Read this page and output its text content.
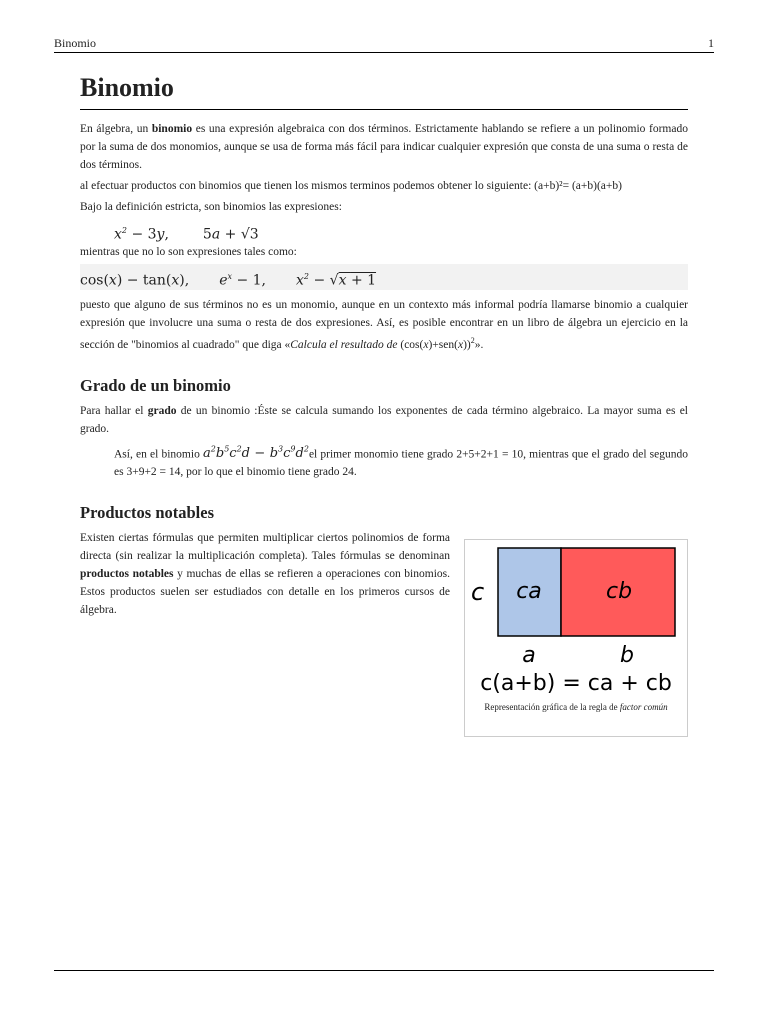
Binomio	1
Binomio

En álgebra, un binomio es una expresión algebraica con dos términos. Estrictamente hablando se refiere a un polinomio formado por la suma de dos monomios, aunque se usa de forma más fácil para indicar cualquier expresión que consta de una suma o resta de dos términos.

al efectuar productos con binomios que tienen los mismos terminos podemos obtener lo siguiente: (a+b)²= (a+b)(a+b)

Bajo la definición estricta, son binomios las expresiones:

$x^2 - 3y$, 5a + √3

mientras que no lo son expresiones tales como:

cos(x) − tan(x), $e^x - 1$, $x^2 - √x + 1$

puesto que alguno de sus términos no es un monomio, aunque en un contexto más informal podría llamarse binomio a cualquier expresión que involucre una suma o resta de dos expresiones. Así, es posible encontrar en un libro de álgebra un ejercicio en la sección de "binomios al cuadrado" que diga «Calcula el resultado de $(\cos(x)+sen(x))^2$».

Grado de un binomio

Para hallar el grado de un binomio :Éste se calcula sumando los exponentes de cada término algebraico. La mayor suma es el grado.

Así, en el binomio $a^2b^5c^2d - b^3c^9d^2el$ primer monomio tiene grado 2+5+2+1 = 10, mientras que el grado del segundo es 3+9+2 = 14, por lo que el binomio tiene grado 24.

Productos notables

Existen ciertas fórmulas que permiten multiplicar ciertos polinomios de forma directa (sin realizar la multiplicación completa). Tales fórmulas se denominan productos notables y muchas de ellas se refieren a operaciones con binomios. Estos productos suelen ser estudiados con detalle en los primeros cursos de álgebra.

c ca	cb
a	b
c(a+b) = ca + cb
Representación gráfica de la regla de factor común
